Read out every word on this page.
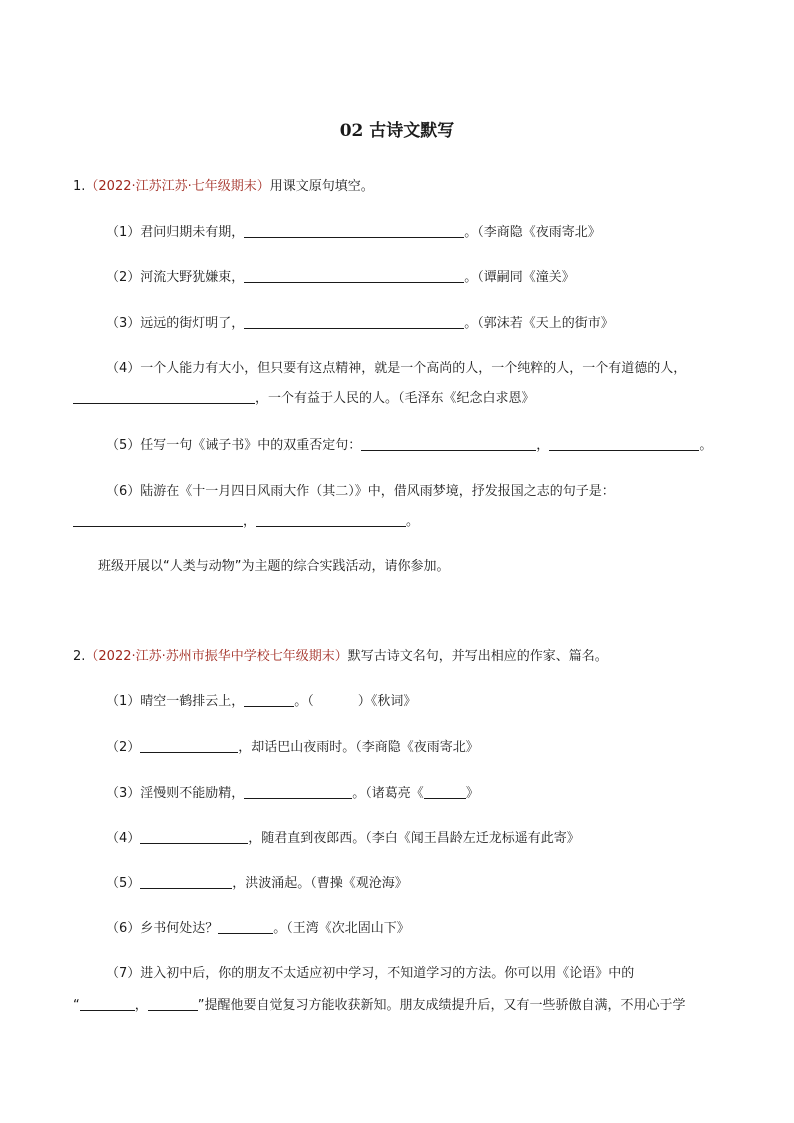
02 古诗文默写
1.（2022·江苏江苏·七年级期末）用课文原句填空。
（1）君问归期未有期，	。（李商隐《夜雨寄北》
（2）河流大野犹嫌束，	。（谭嗣同《潼关》
（3）远远的街灯明了，	。（郭沫若《天上的街市》
（4）一个人能力有大小，但只要有这点精神，就是一个高尚的人，一个纯粹的人，一个有道德的人，
，一个有益于人民的人。（毛泽东《纪念白求恩》
（5）任写一句《诫子书》中的双重否定句：	，	。
（6）陆游在《十一月四日风雨大作（其二）》中，借风雨梦境，抒发报国之志的句子是：
，	。
班级开展以“人类与动物”为主题的综合实践活动，请你参加。
2.（2022·江苏·苏州市振华中学校七年级期末）默写古诗文名句，并写出相应的作家、篇名。
（1）晴空一鹤排云上，	。（	）《秋词》
（2）	，却话巴山夜雨时。（李商隐《夜雨寄北》
（3）淫慢则不能励精，	。（诸葛亮《	》
（4）	，随君直到夜郎西。（李白《闻王昌龄左迁龙标遥有此寄》
（5）	，洪波涌起。（曹操《观沧海》
（6）乡书何处达？	。（王湾《次北固山下》
（7）进入初中后，你的朋友不太适应初中学习，不知道学习的方法。你可以用《论语》中的
“	，	”提醒他要自觉复习方能收获新知。朋友成绩提升后，又有一些骄傲自满，不用心于学
